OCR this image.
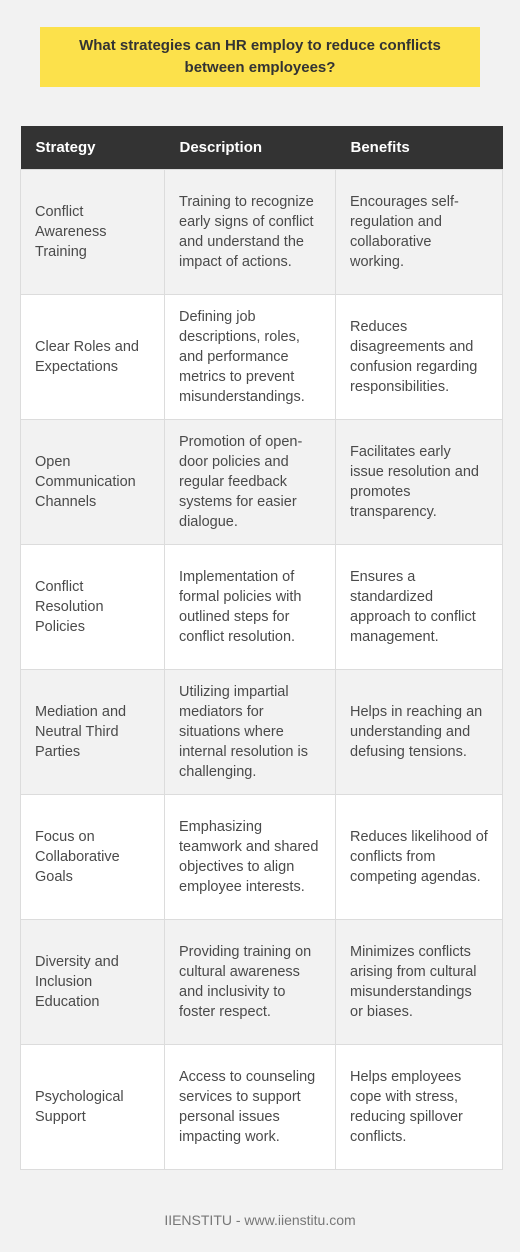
What strategies can HR employ to reduce conflicts between employees?
Strategy	Description	Benefits
Conflict Awareness Training	Training to recognize early signs of conflict and understand the impact of actions.	Encourages self-regulation and collaborative working.
Clear Roles and Expectations	Defining job descriptions, roles, and performance metrics to prevent misunderstandings.	Reduces disagreements and confusion regarding responsibilities.
Open Communication Channels	Promotion of open-door policies and regular feedback systems for easier dialogue.	Facilitates early issue resolution and promotes transparency.
Conflict Resolution Policies	Implementation of formal policies with outlined steps for conflict resolution.	Ensures a standardized approach to conflict management.
Mediation and Neutral Third Parties	Utilizing impartial mediators for situations where internal resolution is challenging.	Helps in reaching an understanding and defusing tensions.
Focus on Collaborative Goals	Emphasizing teamwork and shared objectives to align employee interests.	Reduces likelihood of conflicts from competing agendas.
Diversity and Inclusion Education	Providing training on cultural awareness and inclusivity to foster respect.	Minimizes conflicts arising from cultural misunderstandings or biases.
Psychological Support	Access to counseling services to support personal issues impacting work.	Helps employees cope with stress, reducing spillover conflicts.
IIENSTITU - www.iienstitu.com
